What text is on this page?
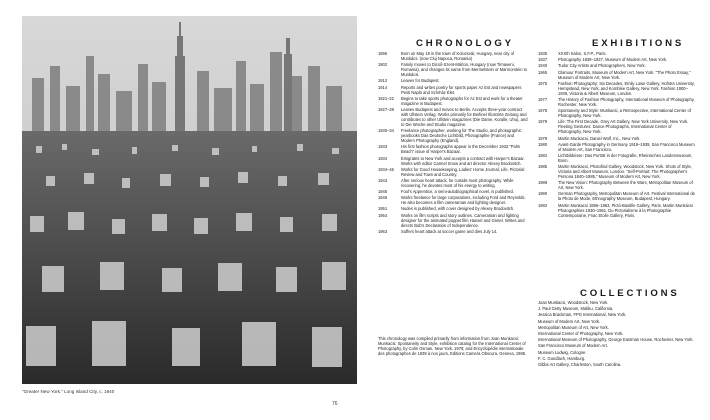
"Greater New York." Long Island City, c. 1940
76
CHRONOLOGY
1896	Born on May 18 in the town of Kolozsvár, Hungary, near city of Munkács. (now Cluj Napoca, Romania)
1902	Family moves to Dicső-Szent-Márton, Hungary (now Tirnaveni, Romania), and changes its name from Mermelstein or Marmorstein to Munkácsi.
1912	Leaves for Budapest.
1914	Reports and writes poetry for sports paper Az Est and newspapers Pesti Napló and Színház Élet.
1921–22	Begins to take sports photographs for Az Est and work for a theater magazine in Budapest.
1927–28	Leaves Budapest and moves to Berlin. Accepts three-year contract with Ullstein Verlag. Works primarily for Berliner Illustrirte Zeitung and contributes to other Ullstein magazines (Die Dame, Koralle, Uhu), and to Die Woche and Studio magazine.
1930–34	Freelance photographer, working for The Studio, and photographic yearbooks Das Deutsche Lichtbild, Photographie (France) and Modern Photography (England).
1933	His first fashion photographs appear in the December 1933 "Palm Beach" issue of Harper's Bazaar.
1934	Emigrates to New York and accepts a contract with Harper's Bazaar. Works with editor Carmel Snow and art director Alexey Brodovitch.
1934–46	Works for Good Housekeeping, Ladies' Home Journal, Life, Pictorial Review and Town and Country.
1943	After serious heart attack, he curtails most photography. While recovering, he devotes most of his energy to writing.
1945	Fool's Apprentice, a semi-autobiographical novel, is published.
1946	Works freelance for large corporations, including Ford and Reynolds. He also becomes a film cameraman and lighting designer.
1951	Nudes is published, with cover designed by Alexey Brodovitch.
1954	Works on film scripts and story outlines. Cameraman and lighting designer for the animated puppet film Hansel and Gretel. Writes and directs Bob's Declaration of Independence.
1963	Suffers heart attack at soccer game and dies July 14.
This chronology was compiled primarily from information from Joan Munkacsi; Munkacsi: Spontaneity and Style, exhibition catalog for the International Center of Photography, by Colin Osman, New York, 1978; and Encyclopédie internationale des photographes de 1839 à nos jours, Editions Camera Obscura, Geneva, 1985.
EXHIBITIONS
1935	XXXth Salon, S.F.P., Paris.
1937	Photography 1839–1937, Museum of Modern Art, New York.
1940	Tudor City Artists and Photographers, New York.
1965	Glamour Portraits, Museum of Modern Art, New York. "The Photo Essay," Museum of Modern Art, New York.
1975	Fashion Photography: Six Decades, Emily Lowe Gallery, Hofstra University, Hempstead, New York, and Kornblee Gallery, New York. Fashion 1900–1939, Victoria & Albert Museum, London.
1977	The History of Fashion Photography, International Museum of Photography, Rochester, New York.
1978	Spontaneity and Style: Munkacsi, a Retrospective, International Center of Photography, New York.
1979	Life: The First Decade, Grey Art Gallery, New York University, New York. Fleeting Gestures: Dance Photographs, International Center of Photography, New York.
1979	Martin Munkacsi, Daniel Wolf, Inc., New York.
1980	Avant-Garde Photography in Germany 1919–1939, San Francisco Museum of Modern Art, San Francisco.
1982	Lichtbildnisse: Das Porträt in der Fotografie, Rheinisches Landesmuseum, Bonn.
1985	Martin Munkacsi, Photofind Gallery, Woodstock, New York. Shots of Style, Victoria and Albert Museum, London. "Self-Portrait: The Photographer's Persona 1840–1985," Museum of Modern Art, New York.
1989	The New Vision: Photography Between the Wars, Metropolitan Museum of Art, New York.
1990	German Photography, Metropolitan Museum of Art. Festival International de la Photo de Mode, Ethnography Museum, Budapest, Hungary.
1992	Martin Munkacsi 1896–1963, Pictó-Bastille Gallery, Paris. Martin Munkácsi Photographies 1930–1961. Du Pictorialisme à la Photographie Contemporaine, Fnac Etoile Gallery, Paris.
COLLECTIONS
Joan Munkacsi, Woodstock, New York.
J. Paul Getty Museum, Malibu, California.
Jessica Brackman, FPG International, New York.
Museum of Modern Art, New York.
Metropolitan Museum of Art, New York.
International Center of Photography, New York.
International Museum of Photography, George Eastman House, Rochester, New York.
San Francisco Museum of Modern Art.
Museum Ludwig, Cologne.
F. C. Gundlach, Hamburg.
Gibbs Art Gallery, Charleston, South Carolina.
